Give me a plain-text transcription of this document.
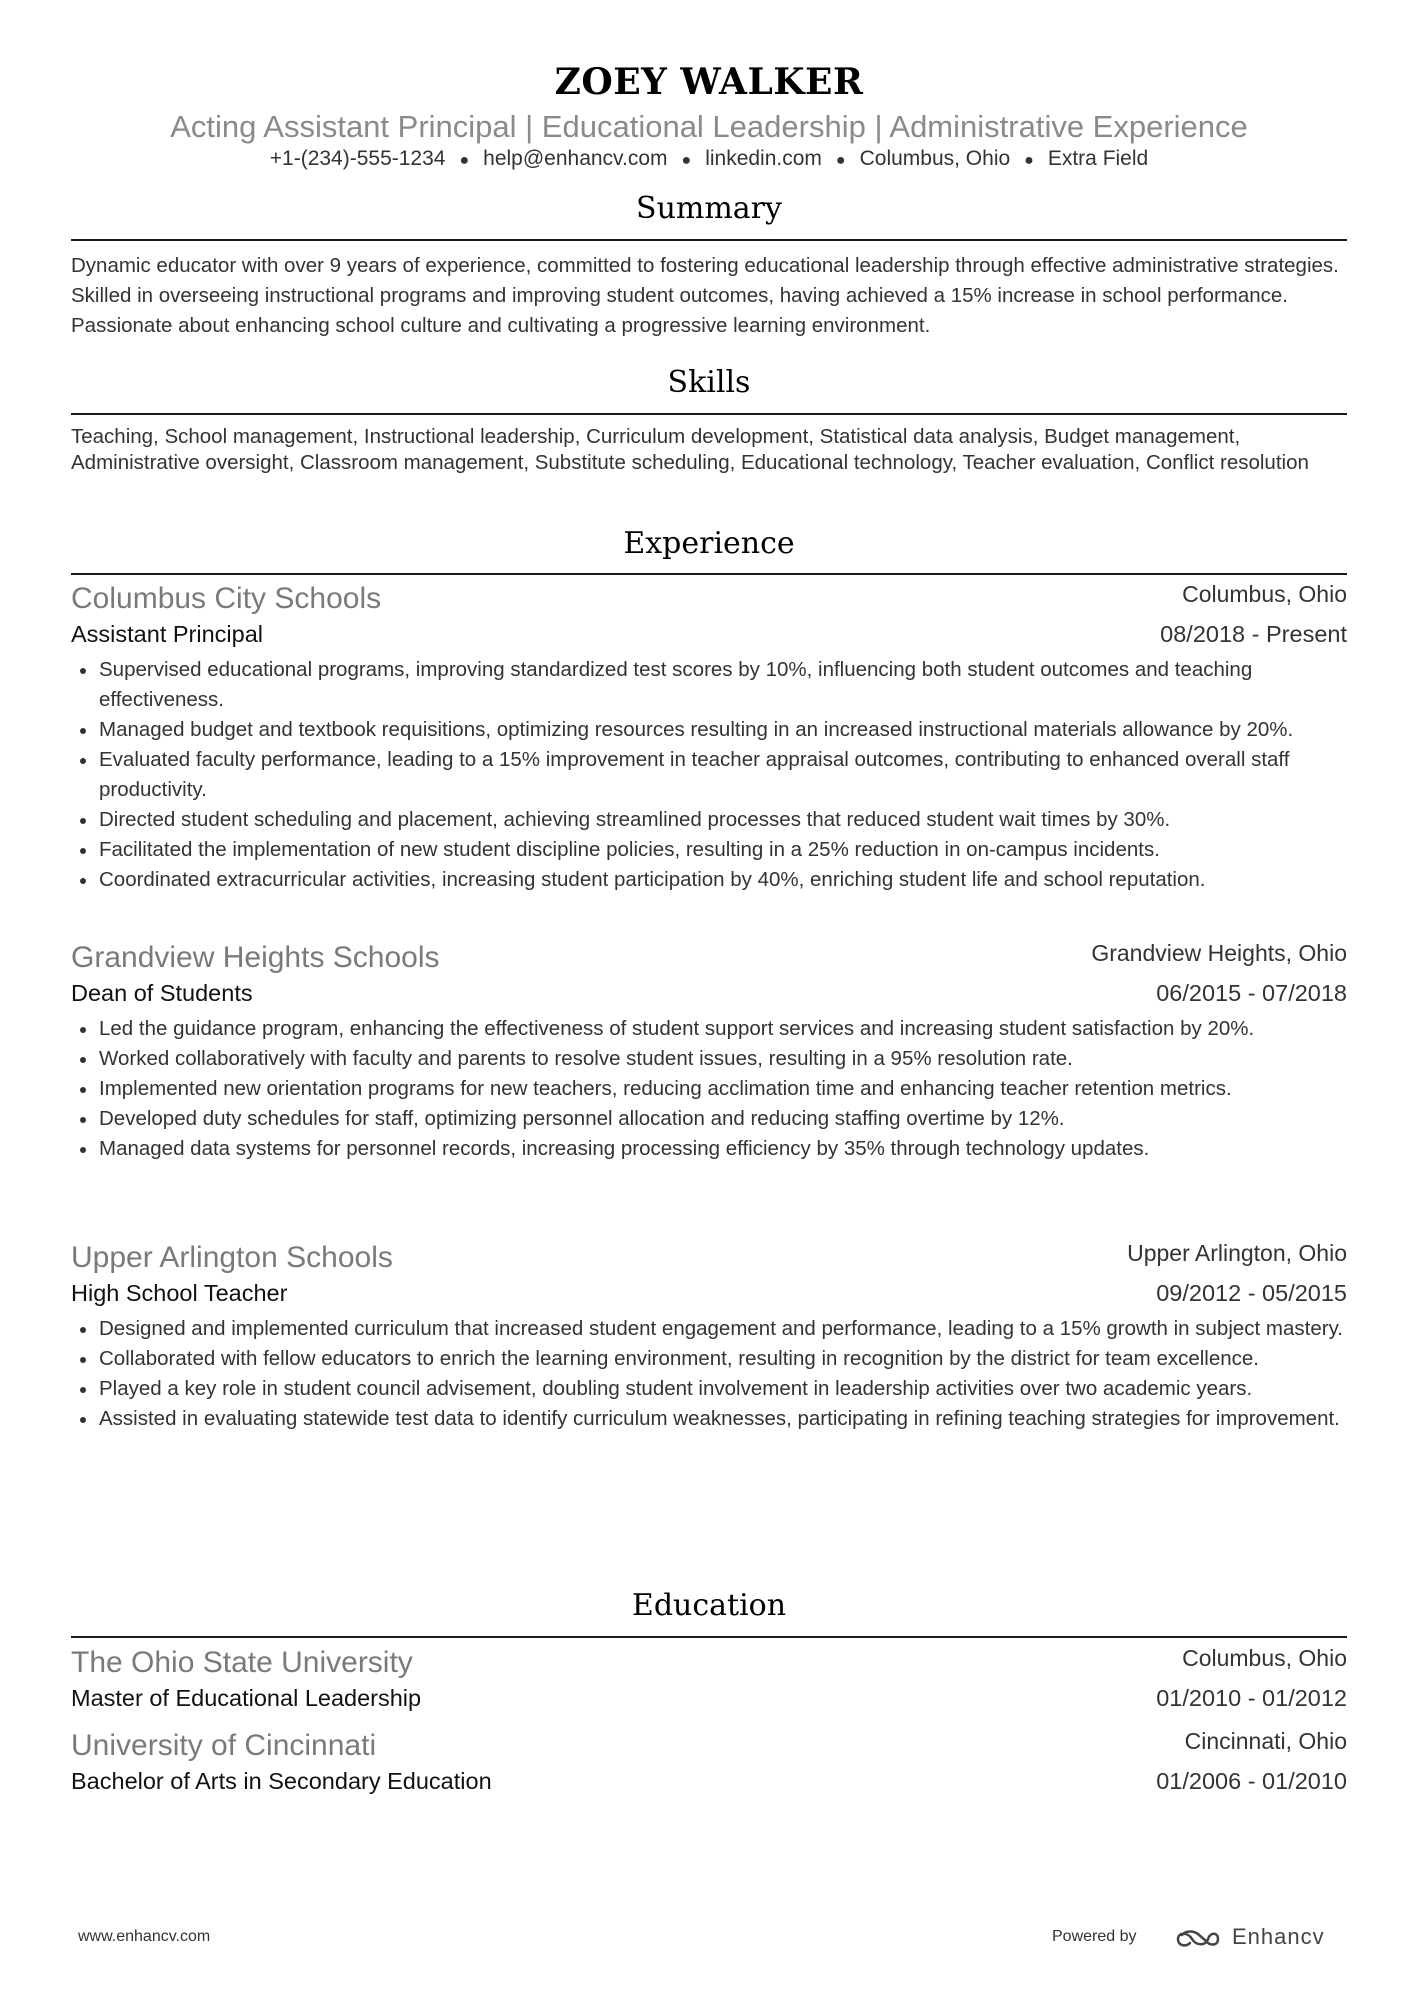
ZOEY WALKER
Acting Assistant Principal | Educational Leadership | Administrative Experience
+1-(234)-555-1234 ● help@enhancv.com ● linkedin.com ● Columbus, Ohio ● Extra Field
Summary
Dynamic educator with over 9 years of experience, committed to fostering educational leadership through effective administrative strategies. Skilled in overseeing instructional programs and improving student outcomes, having achieved a 15% increase in school performance. Passionate about enhancing school culture and cultivating a progressive learning environment.
Skills
Teaching, School management, Instructional leadership, Curriculum development, Statistical data analysis, Budget management, Administrative oversight, Classroom management, Substitute scheduling, Educational technology, Teacher evaluation, Conflict resolution
Experience
Columbus City Schools	Columbus, Ohio
Assistant Principal	08/2018 - Present
Supervised educational programs, improving standardized test scores by 10%, influencing both student outcomes and teaching effectiveness.
Managed budget and textbook requisitions, optimizing resources resulting in an increased instructional materials allowance by 20%.
Evaluated faculty performance, leading to a 15% improvement in teacher appraisal outcomes, contributing to enhanced overall staff productivity.
Directed student scheduling and placement, achieving streamlined processes that reduced student wait times by 30%.
Facilitated the implementation of new student discipline policies, resulting in a 25% reduction in on-campus incidents.
Coordinated extracurricular activities, increasing student participation by 40%, enriching student life and school reputation.
Grandview Heights Schools	Grandview Heights, Ohio
Dean of Students	06/2015 - 07/2018
Led the guidance program, enhancing the effectiveness of student support services and increasing student satisfaction by 20%.
Worked collaboratively with faculty and parents to resolve student issues, resulting in a 95% resolution rate.
Implemented new orientation programs for new teachers, reducing acclimation time and enhancing teacher retention metrics.
Developed duty schedules for staff, optimizing personnel allocation and reducing staffing overtime by 12%.
Managed data systems for personnel records, increasing processing efficiency by 35% through technology updates.
Upper Arlington Schools	Upper Arlington, Ohio
High School Teacher	09/2012 - 05/2015
Designed and implemented curriculum that increased student engagement and performance, leading to a 15% growth in subject mastery.
Collaborated with fellow educators to enrich the learning environment, resulting in recognition by the district for team excellence.
Played a key role in student council advisement, doubling student involvement in leadership activities over two academic years.
Assisted in evaluating statewide test data to identify curriculum weaknesses, participating in refining teaching strategies for improvement.
Education
The Ohio State University	Columbus, Ohio
Master of Educational Leadership	01/2010 - 01/2012
University of Cincinnati	Cincinnati, Ohio
Bachelor of Arts in Secondary Education	01/2006 - 01/2010
www.enhancv.com	Powered by	Enhancv
